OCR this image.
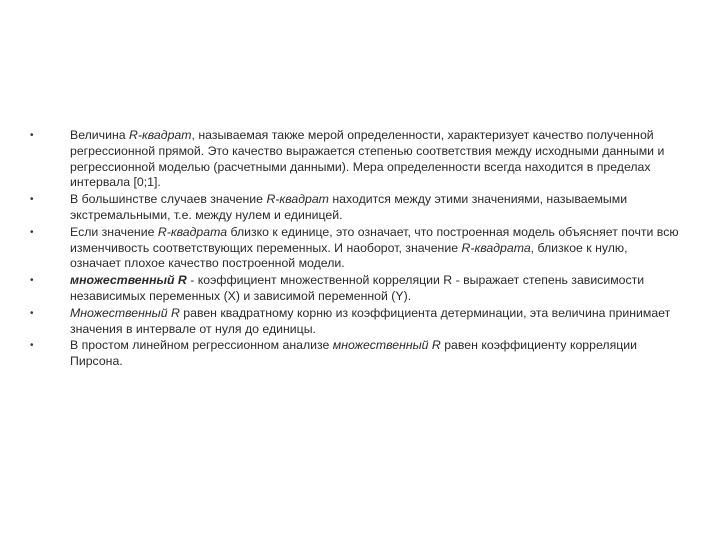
•	Величина R-квадрат, называемая также мерой определенности, характеризует качество полученной регрессионной прямой. Это качество выражается степенью соответствия между исходными данными и регрессионной моделью (расчетными данными). Мера определенности всегда находится в пределах интервала [0;1].
•	В большинстве случаев значение R-квадрат находится между этими значениями, называемыми экстремальными, т.е. между нулем и единицей.
•	Если значение R-квадрата близко к единице, это означает, что построенная модель объясняет почти всю изменчивость соответствующих переменных. И наоборот, значение R-квадрата, близкое к нулю, означает плохое качество построенной модели.
•	множественный R - коэффициент множественной корреляции R - выражает степень зависимости независимых переменных (X) и зависимой переменной (Y).
•	Множественный R равен квадратному корню из коэффициента детерминации, эта величина принимает значения в интервале от нуля до единицы.
•	В простом линейном регрессионном анализе множественный R равен коэффициенту корреляции Пирсона.
